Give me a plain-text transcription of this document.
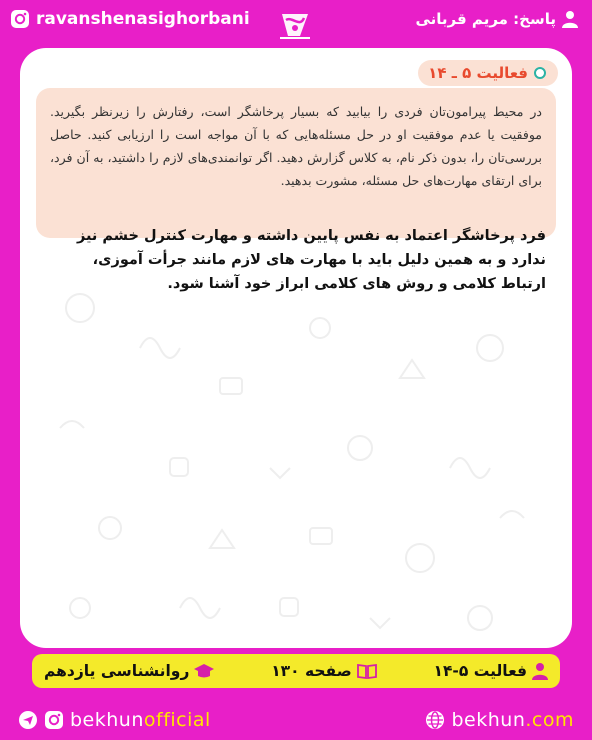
پاسخ: مریم قربانی
ravanshenasighorbani
در محیط پیرامون‌تان فردی را بیابید که بسیار پرخاشگر است، رفتارش را زیرنظر بگیرید. موفقیت یا عدم موفقیت او در حل مسئله‌هایی که با آن مواجه است را ارزیابی کنید. حاصل بررسی‌تان را، بدون ذکر نام، به کلاس گزارش دهید. اگر توانمندی‌های لازم را داشتید، به آن فرد، برای ارتقای مهارت‌های حل مسئله، مشورت بدهید.
فعالیت ۵ ـ ۱۴
فرد پرخاشگر اعتماد به نفس پایین داشته و مهارت کنترل خشم نیز ندارد و به همین دلیل باید با مهارت های لازم مانند جرأت آموزی، ارتباط کلامی و روش های کلامی ابراز خود آشنا شود.
فعالیت ۵-۱۴
صفحه ۱۳۰
روانشناسی یازدهم
bekhunofficial	bekhun.com
